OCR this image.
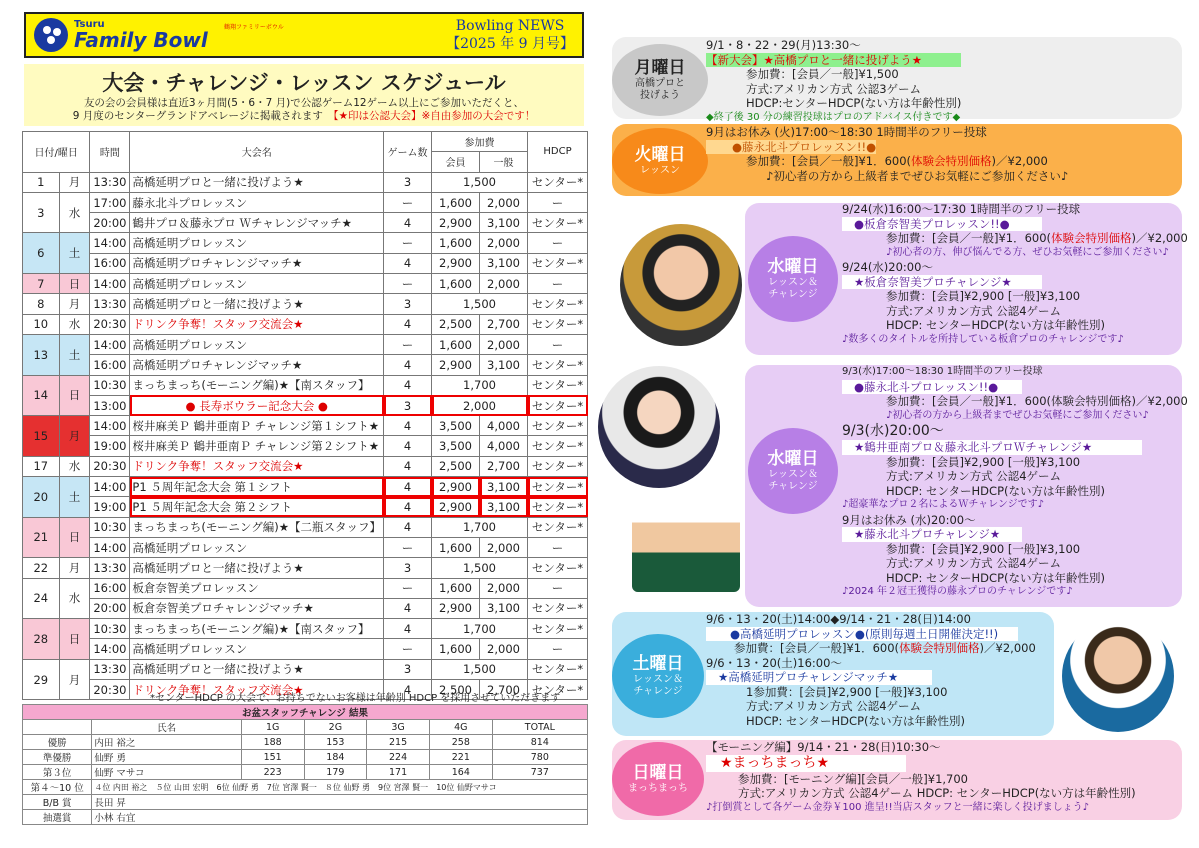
Tsuru
Family Bowl
鶴翔ファミリーボウル	Bowling NEWS
【2025 年 9 月号】
大会・チャレンジ・レッスン スケジュール
友の会の会員様は直近3ヶ月間(5・6・7 月)で公認ゲーム12ゲーム以上にご参加いただくと、
9 月度のセンターグランドアベレージに掲載されます　 【★印は公認大会】※自由参加の大会です！
日付/曜日		時間	大会名	ゲーム数	参加費		HDCP
					会員	一般	
1	月	13:30	高橋延明プロと一緒に投げよう★	3	1,500		センター*
3	水	17:00	藤永北斗プロレッスン	ー	1,600	2,000	ー
		20:00	鶴井プロ＆藤永プロ Ｗチャレンジマッチ★	4	2,900	3,100	センター*
6	土	14:00	高橋延明プロレッスン	ー	1,600	2,000	ー
		16:00	高橋延明プロチャレンジマッチ★	4	2,900	3,100	センター*
7	日	14:00	高橋延明プロレッスン	ー	1,600	2,000	ー
8	月	13:30	高橋延明プロと一緒に投げよう★	3	1,500		センター*
10	水	20:30	ドリンク争奪！スタッフ交流会★	4	2,500	2,700	センター*
13	土	14:00	高橋延明プロレッスン	ー	1,600	2,000	ー
		16:00	高橋延明プロチャレンジマッチ★	4	2,900	3,100	センター*
14	日	10:30	まっちまっち(モーニング編)★【南スタッフ】	4	1,700		センター*
		13:00	● 長寿ボウラー記念大会 ●	3	2,000		センター*
15	月	14:00	桜井麻美Ｐ 鶴井亜南Ｐ チャレンジ第１シフト★	4	3,500	4,000	センター*
		19:00	桜井麻美Ｐ 鶴井亜南Ｐ チャレンジ第２シフト★	4	3,500	4,000	センター*
17	水	20:30	ドリンク争奪！スタッフ交流会★	4	2,500	2,700	センター*
20	土	14:00	P1 ５周年記念大会 第１シフト	4	2,900	3,100	センター*
		19:00	P1 ５周年記念大会 第２シフト	4	2,900	3,100	センター*
21	日	10:30	まっちまっち(モーニング編)★【二瓶スタッフ】	4	1,700		センター*
		14:00	高橋延明プロレッスン	ー	1,600	2,000	ー
22	月	13:30	高橋延明プロと一緒に投げよう★	3	1,500		センター*
24	水	16:00	板倉奈智美プロレッスン	ー	1,600	2,000	ー
		20:00	板倉奈智美プロチャレンジマッチ★	4	2,900	3,100	センター*
28	日	10:30	まっちまっち(モーニング編)★【南スタッフ】	4	1,700		センター*
		14:00	高橋延明プロレッスン	ー	1,600	2,000	ー
29	月	13:30	高橋延明プロと一緒に投げよう★	3	1,500		センター*
		20:30	ドリンク争奪！スタッフ交流会★	4	2,500	2,700	センター*
*センターHDCP の大会で、お持ちでないお客様は年齢別 HDCP を採用させていただきます
お盆スタッフチャレンジ 結果						
	氏名	1G	2G	3G	4G	TOTAL
優勝	内田 裕之	188	153	215	258	814
準優勝	仙野 勇	151	184	224	221	780
第３位	仙野 マサコ	223	179	171	164	737
第４〜10 位	４位 内田 裕之 ５位 山田 宏明 6位 仙野 勇 7位 宮澤 賢一 ８位 仙野 勇 9位 宮澤 賢一 10位 仙野マサコ					
B/B 賞	長田 昇					
抽選賞	小林 右宜					
月曜日
高橋プロと
投げよう
9/1・8・22・29(月)13:30〜
【新大会】★高橋プロと一緒に投げよう★
参加費：[会員／一般]¥1,500
方式:アメリカン方式 公認3ゲーム
HDCP:センターHDCP(ない方は年齢性別)
◆終了後 30 分の練習投球はプロのアドバイス付きです◆
火曜日
レッスン
9月はお休み (火)17:00〜18:30 1時間半のフリー投球
●藤永北斗プロレッスン!!●
参加費：[会員／一般]¥1．600(体験会特別価格)／¥2,000
♪初心者の方から上級者までぜひお気軽にご参加ください♪
水曜日
レッスン＆
チャレンジ
9/24(水)16:00〜17:30 1時間半のフリー投球
●板倉奈智美プロレッスン!!●
参加費：[会員／一般]¥1．600(体験会特別価格)／¥2,000
♪初心者の方、伸び悩んでる方、ぜひお気軽にご参加ください♪
9/24(水)20:00〜
★板倉奈智美プロチャレンジ★
参加費：[会員]¥2,900 [一般]¥3,100
方式:アメリカン方式 公認4ゲーム
HDCP: センターHDCP(ない方は年齢性別)
♪数多くのタイトルを所持している板倉プロのチャレンジです♪
水曜日
レッスン＆
チャレンジ
9/3(水)17:00〜18:30 1時間半のフリー投球
●藤永北斗プロレッスン!!●
参加費：[会員／一般]¥1．600(体験会特別価格)／¥2,000
♪初心者の方から上級者までぜひお気軽にご参加ください♪
9/3(水)20:00〜
★鶴井亜南プロ＆藤永北斗プロＷチャレンジ★
参加費：[会員]¥2,900 [一般]¥3,100
方式:アメリカン方式 公認4ゲーム
HDCP: センターHDCP(ない方は年齢性別)
♪超豪華なプロ２名によるＷチャレンジです♪
9月はお休み (水)20:00〜
★藤永北斗プロチャレンジ★
参加費：[会員]¥2,900 [一般]¥3,100
方式:アメリカン方式 公認4ゲーム
HDCP: センターHDCP(ない方は年齢性別)
♪2024 年２冠王獲得の藤永プロのチャレンジです♪
土曜日
レッスン＆
チャレンジ
9/6・13・20(土)14:00◆9/14・21・28(日)14:00
●高橋延明プロレッスン●(原則毎週土日開催決定!!)
参加費：[会員／一般]¥1．600(体験会特別価格)／¥2,000
9/6・13・20(土)16:00〜
★高橋延明プロチャレンジマッチ★
1参加費：[会員]¥2,900 [一般]¥3,100
方式:アメリカン方式 公認4ゲーム
HDCP: センターHDCP(ない方は年齢性別)
日曜日
まっちまっち
【モーニング編】9/14・21・28(日)10:30〜
★まっちまっち★
参加費：[モーニング編][会員／一般]¥1,700
方式:アメリカン方式 公認4ゲーム HDCP: センターHDCP(ない方は年齢性別)
♪打倒賞として各ゲーム金券￥100 進呈!!当店スタッフと一緒に楽しく投げましょう♪
